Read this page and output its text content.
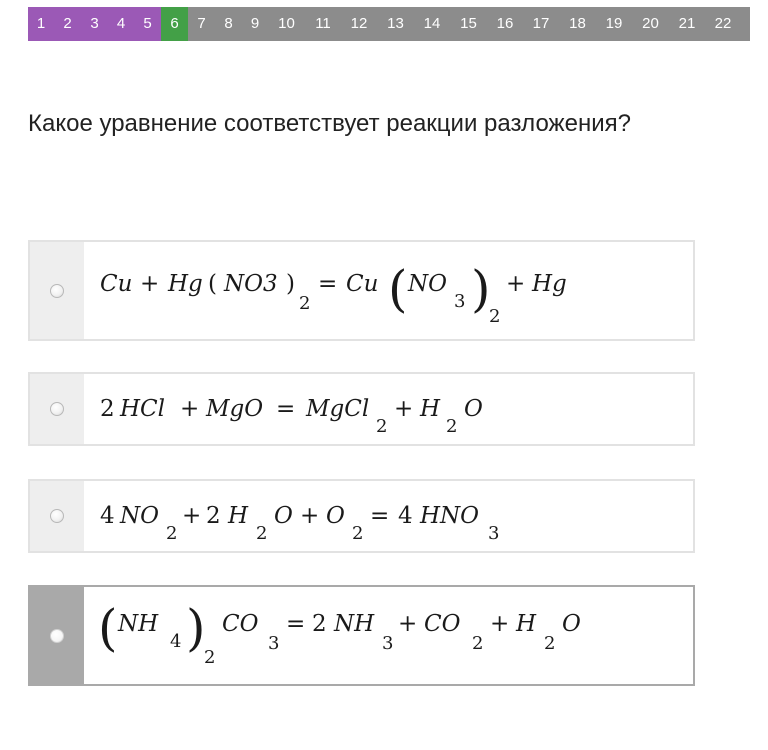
1	2	3	4	5	6	7	8	9	10	11	12	13	14	15	16	17	18	19	20	21	22	23
Какое уравнение соответствует реакции разложения?
Cu + Hg ( NO3 )
2
= Cu ( NO
3 )
2
+ Hg
2 HCl + MgO = MgCl
2
+ H
2
O
4 NO
2
+ 2 H
2
O + O
2
= 4 HNO
3
( NH
4 )
2
CO
3
= 2 NH
3
+ CO
2
+ H
2
O
